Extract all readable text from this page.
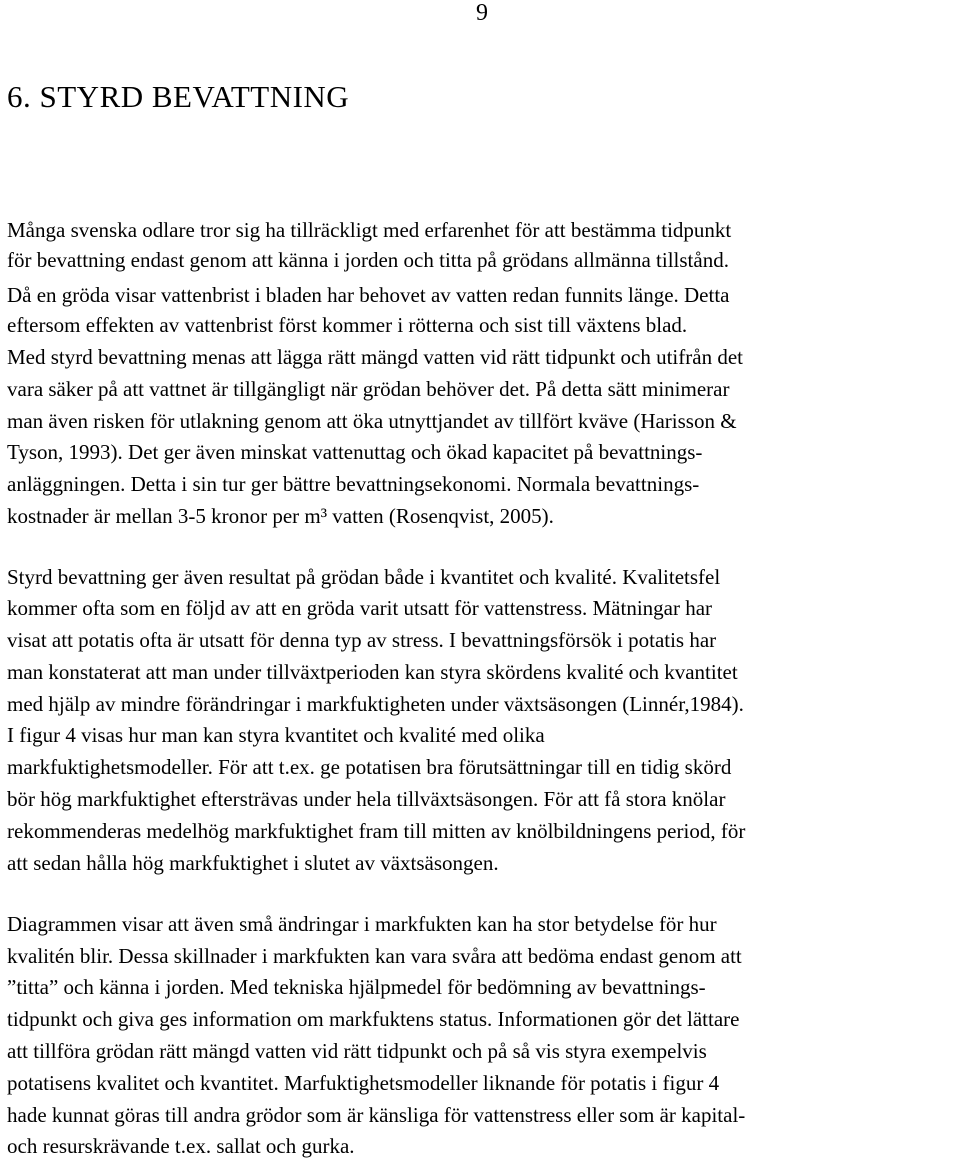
9
6. STYRD BEVATTNING
Många svenska odlare tror sig ha tillräckligt med erfarenhet för att bestämma tidpunkt
för bevattning endast genom att känna i jorden och titta på grödans allmänna tillstånd.
Då en gröda visar vattenbrist i bladen har behovet av vatten redan funnits länge. Detta
eftersom effekten av vattenbrist först kommer i rötterna och sist till växtens blad.
Med styrd bevattning menas att lägga rätt mängd vatten vid rätt tidpunkt och utifrån det
vara säker på att vattnet är tillgängligt när grödan behöver det. På detta sätt minimerar
man även risken för utlakning genom att öka utnyttjandet av tillfört kväve (Harisson &
Tyson, 1993). Det ger även minskat vattenuttag och ökad kapacitet på bevattnings-
anläggningen. Detta i sin tur ger bättre bevattningsekonomi. Normala bevattnings-
kostnader är mellan 3-5 kronor per m³ vatten (Rosenqvist, 2005).
Styrd bevattning ger även resultat på grödan både i kvantitet och kvalité. Kvalitetsfel
kommer ofta som en följd av att en gröda varit utsatt för vattenstress. Mätningar har
visat att potatis ofta är utsatt för denna typ av stress. I bevattningsförsök i potatis har
man konstaterat att man under tillväxtperioden kan styra skördens kvalité och kvantitet
med hjälp av mindre förändringar i markfuktigheten under växtsäsongen (Linnér,1984).
I figur 4 visas hur man kan styra kvantitet och kvalité med olika
markfuktighetsmodeller. För att t.ex. ge potatisen bra förutsättningar till en tidig skörd
bör hög markfuktighet eftersträvas under hela tillväxtsäsongen. För att få stora knölar
rekommenderas medelhög markfuktighet fram till mitten av knölbildningens period, för
att sedan hålla hög markfuktighet i slutet av växtsäsongen.
Diagrammen visar att även små ändringar i markfukten kan ha stor betydelse för hur
kvalitén blir. Dessa skillnader i markfukten kan vara svåra att bedöma endast genom att
”titta” och känna i jorden. Med tekniska hjälpmedel för bedömning av bevattnings-
tidpunkt och giva ges information om markfuktens status. Informationen gör det lättare
att tillföra grödan rätt mängd vatten vid rätt tidpunkt och på så vis styra exempelvis
potatisens kvalitet och kvantitet. Marfuktighetsmodeller liknande för potatis i figur 4
hade kunnat göras till andra grödor som är känsliga för vattenstress eller som är kapital-
och resurskrävande t.ex. sallat och gurka.
